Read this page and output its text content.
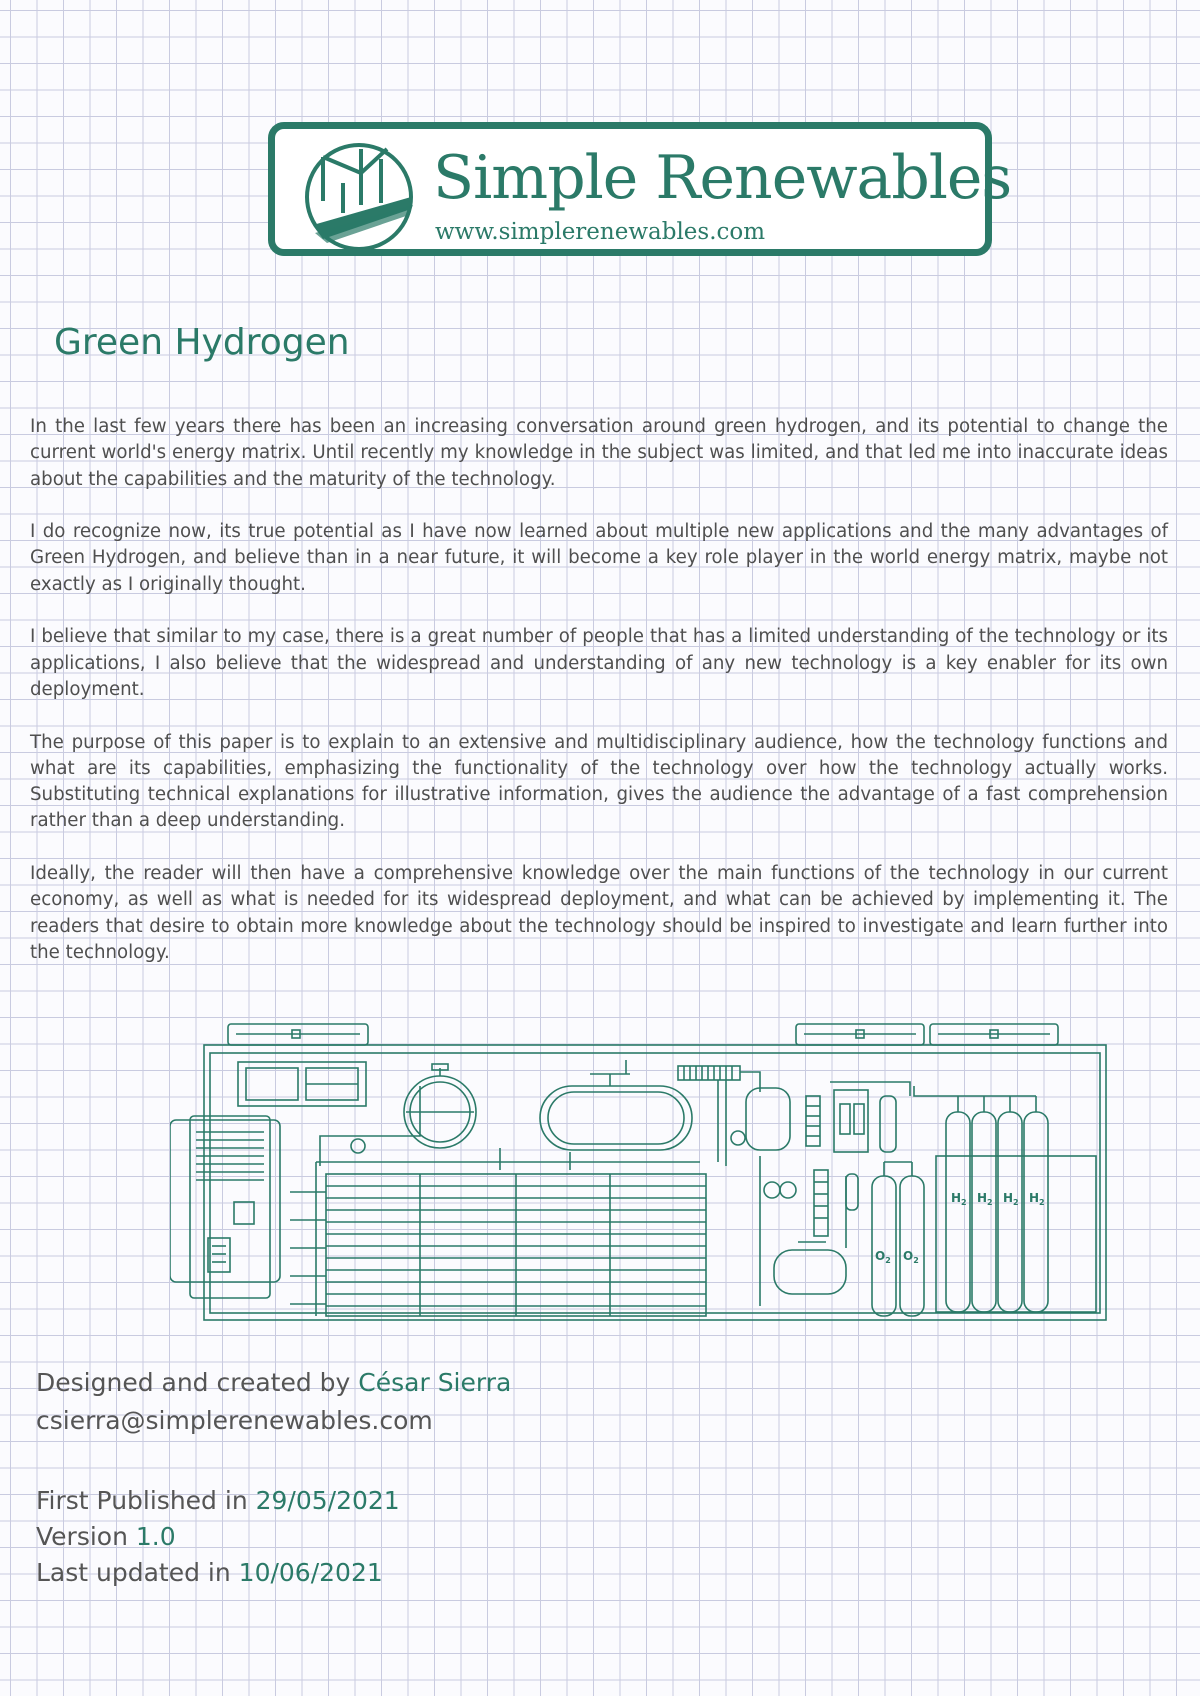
Simple Renewables
www.simplerenewables.com
Green Hydrogen

In the last few years there has been an increasing conversation around green hydrogen, and its potential to change the current world's energy matrix. Until recently my knowledge in the subject was limited, and that led me into inaccurate ideas about the capabilities and the maturity of the technology.

I do recognize now, its true potential as I have now learned about multiple new applications and the many advantages of Green Hydrogen, and believe than in a near future, it will become a key role player in the world energy matrix, maybe not exactly as I originally thought.

I believe that similar to my case, there is a great number of people that has a limited understanding of the technology or its applications, I also believe that the widespread and understanding of any new technology is a key enabler for its own deployment.

The purpose of this paper is to explain to an extensive and multidisciplinary audience, how the technology functions and what are its capabilities, emphasizing the functionality of the technology over how the technology actually works. Substituting technical explanations for illustrative information, gives the audience the advantage of a fast comprehension rather than a deep understanding.

Ideally, the reader will then have a comprehensive knowledge over the main functions of the technology in our current economy, as well as what is needed for its widespread deployment, and what can be achieved by implementing it. The readers that desire to obtain more knowledge about the technology should be inspired to investigate and learn further into the technology.

$H_2$ $H_2$ $H_2$ $H_2$
$O_2$ $O_2$
Designed and created by César Sierra
csierra@simplerenewables.com
First Published in 29/05/2021
Version 1.0
Last updated in 10/06/2021
